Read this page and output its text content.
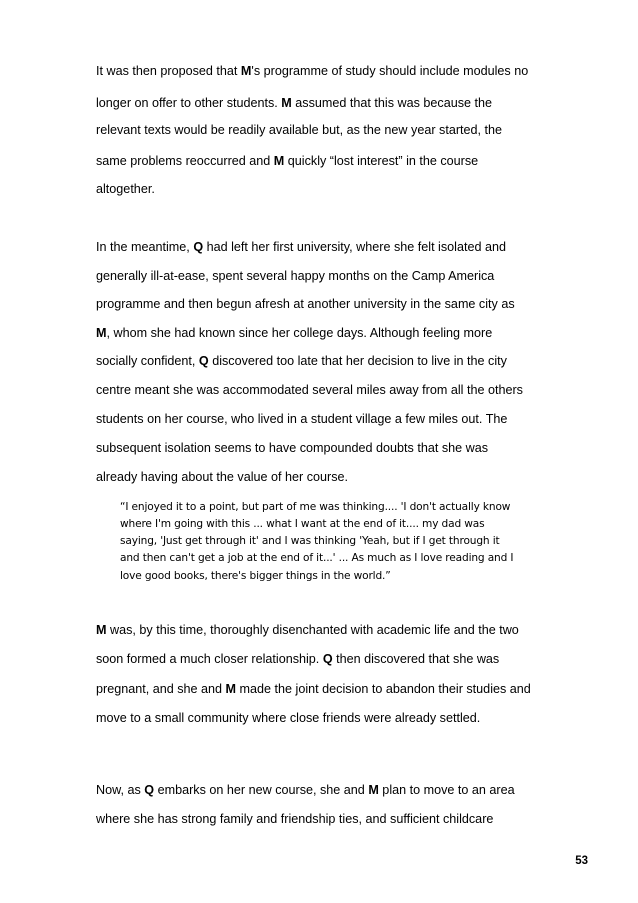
It was then proposed that M's programme of study should include modules no
longer on offer to other students. M assumed that this was because the
relevant texts would be readily available but, as the new year started, the
same problems reoccurred and M quickly “lost interest” in the course
altogether.
In the meantime, Q had left her first university, where she felt isolated and
generally ill-at-ease, spent several happy months on the Camp America
programme and then begun afresh at another university in the same city as
M, whom she had known since her college days. Although feeling more
socially confident, Q discovered too late that her decision to live in the city
centre meant she was accommodated several miles away from all the others
students on her course, who lived in a student village a few miles out. The
subsequent isolation seems to have compounded doubts that she was
already having about the value of her course.
M was, by this time, thoroughly disenchanted with academic life and the two
soon formed a much closer relationship. Q then discovered that she was
pregnant, and she and M made the joint decision to abandon their studies and
move to a small community where close friends were already settled.
Now, as Q embarks on her new course, she and M plan to move to an area
where she has strong family and friendship ties, and sufficient childcare
“I enjoyed it to a point, but part of me was thinking.... 'I don't actually know
where I'm going with this ... what I want at the end of it.... my dad was
saying, 'Just get through it' and I was thinking 'Yeah, but if I get through it
and then can't get a job at the end of it...' ... As much as I love reading and I
love good books, there's bigger things in the world.”
53
